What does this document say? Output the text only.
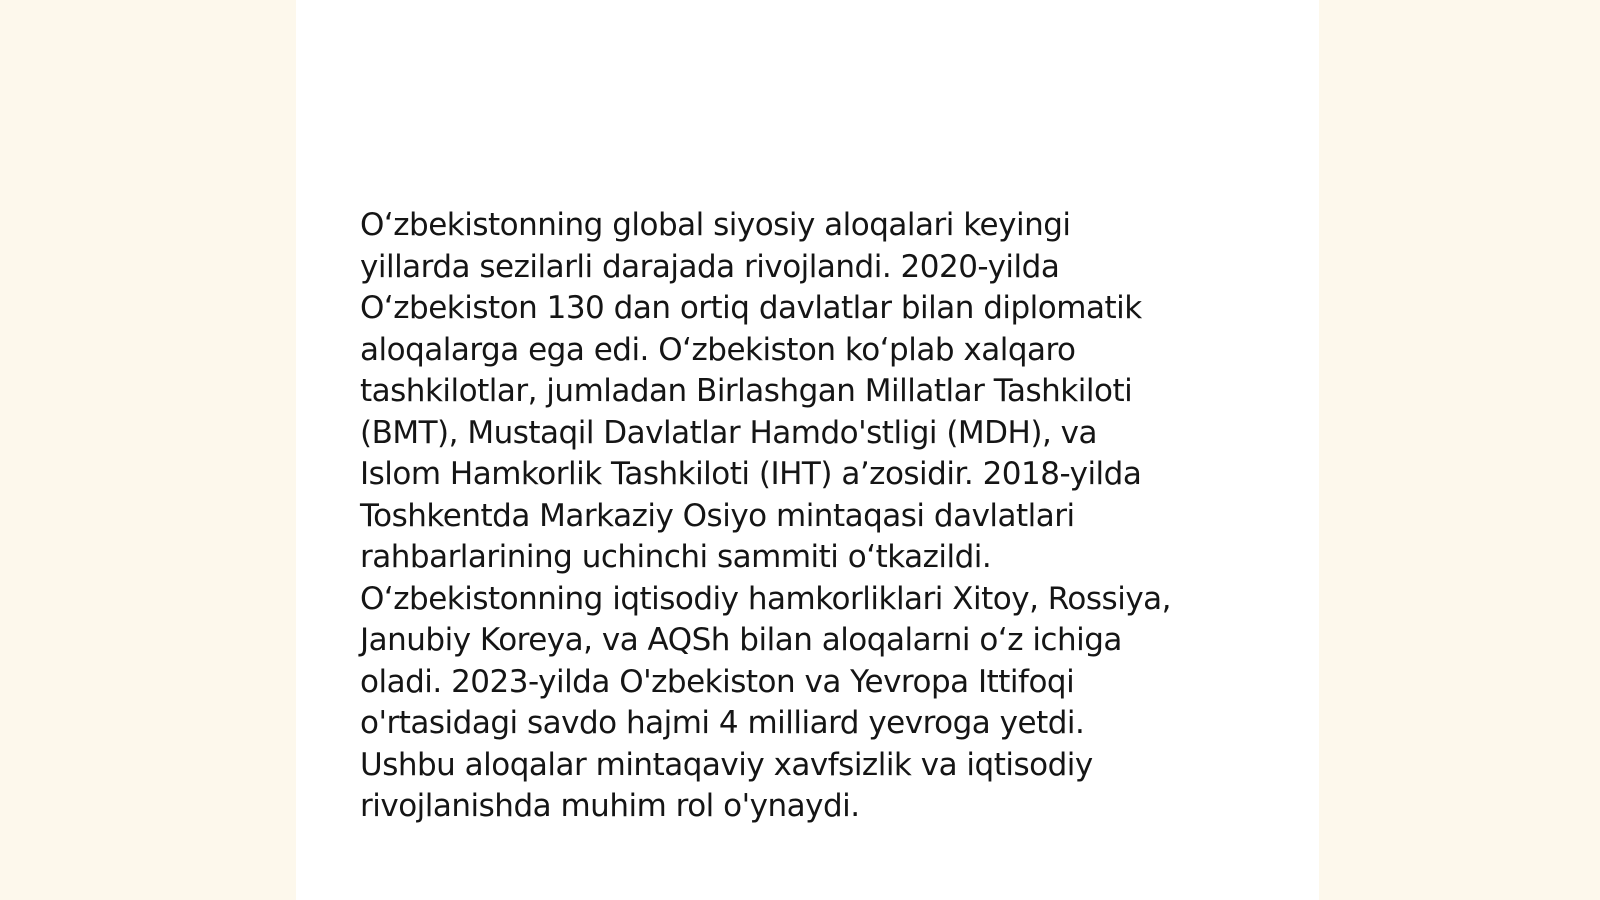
O‘zbekistonning global siyosiy aloqalari keyingi
yillarda sezilarli darajada rivojlandi. 2020-yilda
O‘zbekiston 130 dan ortiq davlatlar bilan diplomatik
aloqalarga ega edi. O‘zbekiston ko‘plab xalqaro
tashkilotlar, jumladan Birlashgan Millatlar Tashkiloti
(BMT), Mustaqil Davlatlar Hamdo'stligi (MDH), va
Islom Hamkorlik Tashkiloti (IHT) a’zosidir. 2018-yilda
Toshkentda Markaziy Osiyo mintaqasi davlatlari
rahbarlarining uchinchi sammiti o‘tkazildi.
O‘zbekistonning iqtisodiy hamkorliklari Xitoy, Rossiya,
Janubiy Koreya, va AQSh bilan aloqalarni o‘z ichiga
oladi. 2023-yilda O'zbekiston va Yevropa Ittifoqi
o'rtasidagi savdo hajmi 4 milliard yevroga yetdi.
Ushbu aloqalar mintaqaviy xavfsizlik va iqtisodiy
rivojlanishda muhim rol o'ynaydi.
